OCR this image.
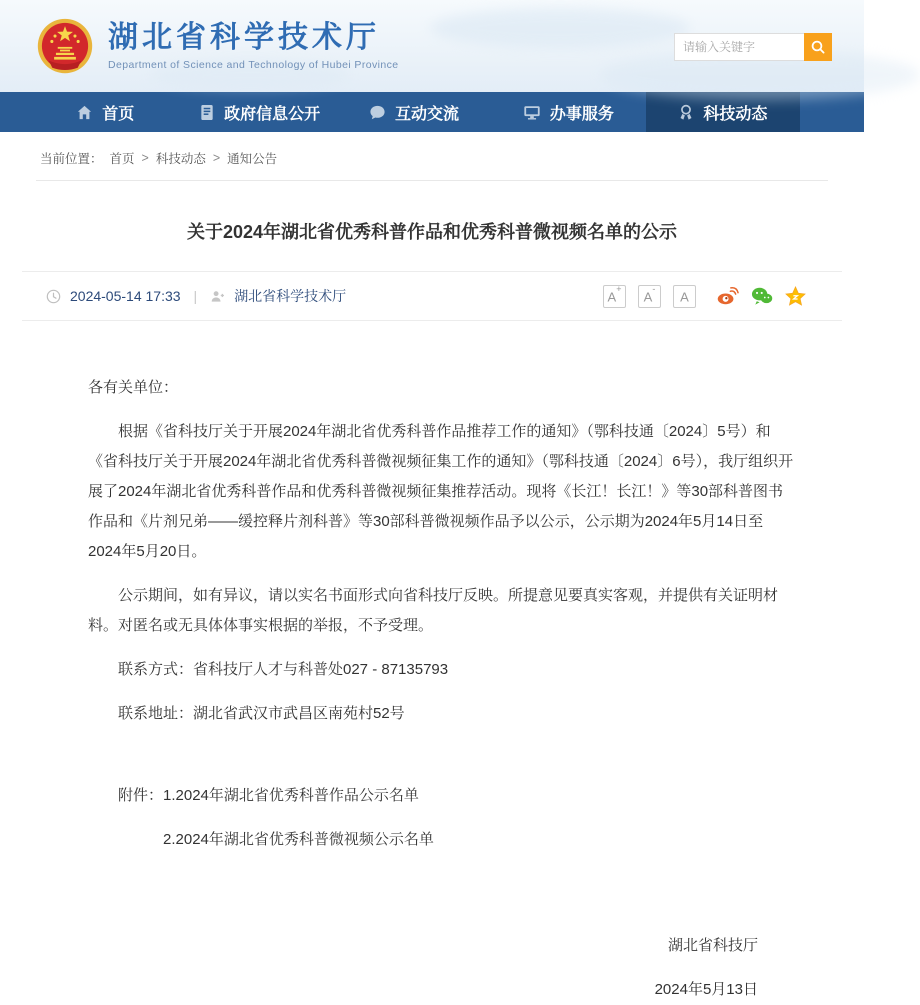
湖北省科学技术厅
Department of Science and Technology of Hubei Province
请输入关键字
首页	政府信息公开	互动交流	办事服务	科技动态
当前位置： 首页 > 科技动态 > 通知公告
关于2024年湖北省优秀科普作品和优秀科普微视频名单的公示
2024-05-14 17:33 |	湖北省科学技术厅	A+
A-
A

各有关单位：

根据《省科技厅关于开展2024年湖北省优秀科普作品推荐工作的通知》（鄂科技通〔2024〕5号）和《省科技厅关于开展2024年湖北省优秀科普微视频征集工作的通知》（鄂科技通〔2024〕6号），我厅组织开展了2024年湖北省优秀科普作品和优秀科普微视频征集推荐活动。现将《长江！长江！》等30部科普图书作品和《片剂兄弟——缓控释片剂科普》等30部科普微视频作品予以公示，公示期为2024年5月14日至2024年5月20日。

公示期间，如有异议，请以实名书面形式向省科技厅反映。所提意见要真实客观，并提供有关证明材料。对匿名或无具体体事实根据的举报，不予受理。

联系方式：省科技厅人才与科普处027 - 87135793

联系地址：湖北省武汉市武昌区南苑村52号

附件：1.2024年湖北省优秀科普作品公示名单

2.2024年湖北省优秀科普微视频公示名单

湖北省科技厅

2024年5月13日
